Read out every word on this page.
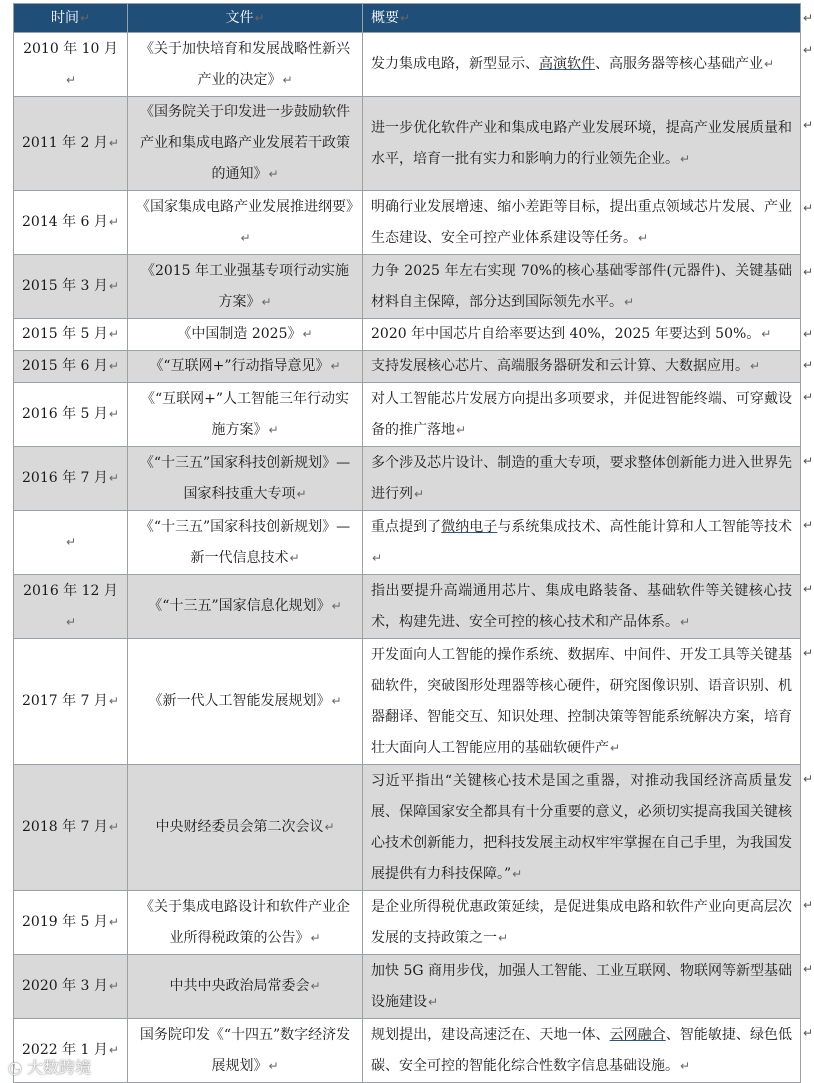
时间↵	文件↵	概要↵
2010 年 10 月↵	《关于加快培育和发展战略性新兴产业的决定》↵	发力集成电路，新型显示、高演软件、高服务器等核心基础产业↵
2011 年 2 月↵	《国务院关于印发进一步鼓励软件产业和集成电路产业发展若干政策的通知》↵	进一步优化软件产业和集成电路产业发展环境，提高产业发展质量和水平，培育一批有实力和影响力的行业领先企业。↵
2014 年 6 月↵	《国家集成电路产业发展推进纲要》↵	明确行业发展增速、缩小差距等目标，提出重点领域芯片发展、产业生态建设、安全可控产业体系建设等任务。↵
2015 年 3 月↵	《2015 年工业强基专项行动实施方案》↵	力争 2025 年左右实现 70%的核心基础零部件(元器件)、关键基础材料自主保障，部分达到国际领先水平。↵
2015 年 5 月↵	《中国制造 2025》↵	2020 年中国芯片自给率要达到 40%，2025 年要达到 50%。↵
2015 年 6 月↵	《“互联网+”行动指导意见》↵	支持发展核心芯片、高端服务器研发和云计算、大数据应用。↵
2016 年 5 月↵	《“互联网+”人工智能三年行动实施方案》↵	对人工智能芯片发展方向提出多项要求，并促进智能终端、可穿戴设备的推广落地↵
2016 年 7 月↵	《“十三五”国家科技创新规划》—国家科技重大专项↵	多个涉及芯片设计、制造的重大专项，要求整体创新能力进入世界先进行列↵
↵	《“十三五”国家科技创新规划》—新一代信息技术↵	重点提到了微纳电子与系统集成技术、高性能计算和人工智能等技术↵
2016 年 12 月↵	《“十三五”国家信息化规划》↵	指出要提升高端通用芯片、集成电路装备、基础软件等关键核心技术，构建先进、安全可控的核心技术和产品体系。↵
2017 年 7 月↵	《新一代人工智能发展规划》↵	开发面向人工智能的操作系统、数据库、中间件、开发工具等关键基础软件，突破图形处理器等核心硬件，研究图像识别、语音识别、机器翻译、智能交互、知识处理、控制决策等智能系统解决方案，培育壮大面向人工智能应用的基础软硬件产↵
2018 年 7 月↵	中央财经委员会第二次会议↵	习近平指出“关键核心技术是国之重器，对推动我国经济高质量发展、保障国家安全都具有十分重要的意义，必须切实提高我国关键核心技术创新能力，把科技发展主动权牢牢掌握在自己手里，为我国发展提供有力科技保障。”↵
2019 年 5 月↵	《关于集成电路设计和软件产业企业所得税政策的公告》↵	是企业所得税优惠政策延续，是促进集成电路和软件产业向更高层次发展的支持政策之一↵
2020 年 3 月↵	中共中央政治局常委会↵	加快 5G 商用步伐，加强人工智能、工业互联网、物联网等新型基础设施建设↵
2022 年 1 月↵	国务院印发《“十四五”数字经济发展规划》↵	规划提出，建设高速泛在、天地一体、云网融合、智能敏捷、绿色低碳、安全可控的智能化综合性数字信息基础设施。↵
↵
↵
↵
↵
↵
↵
↵
↵
↵
↵
↵
↵
↵
↵
↵
↵
◔ 大数跨境
